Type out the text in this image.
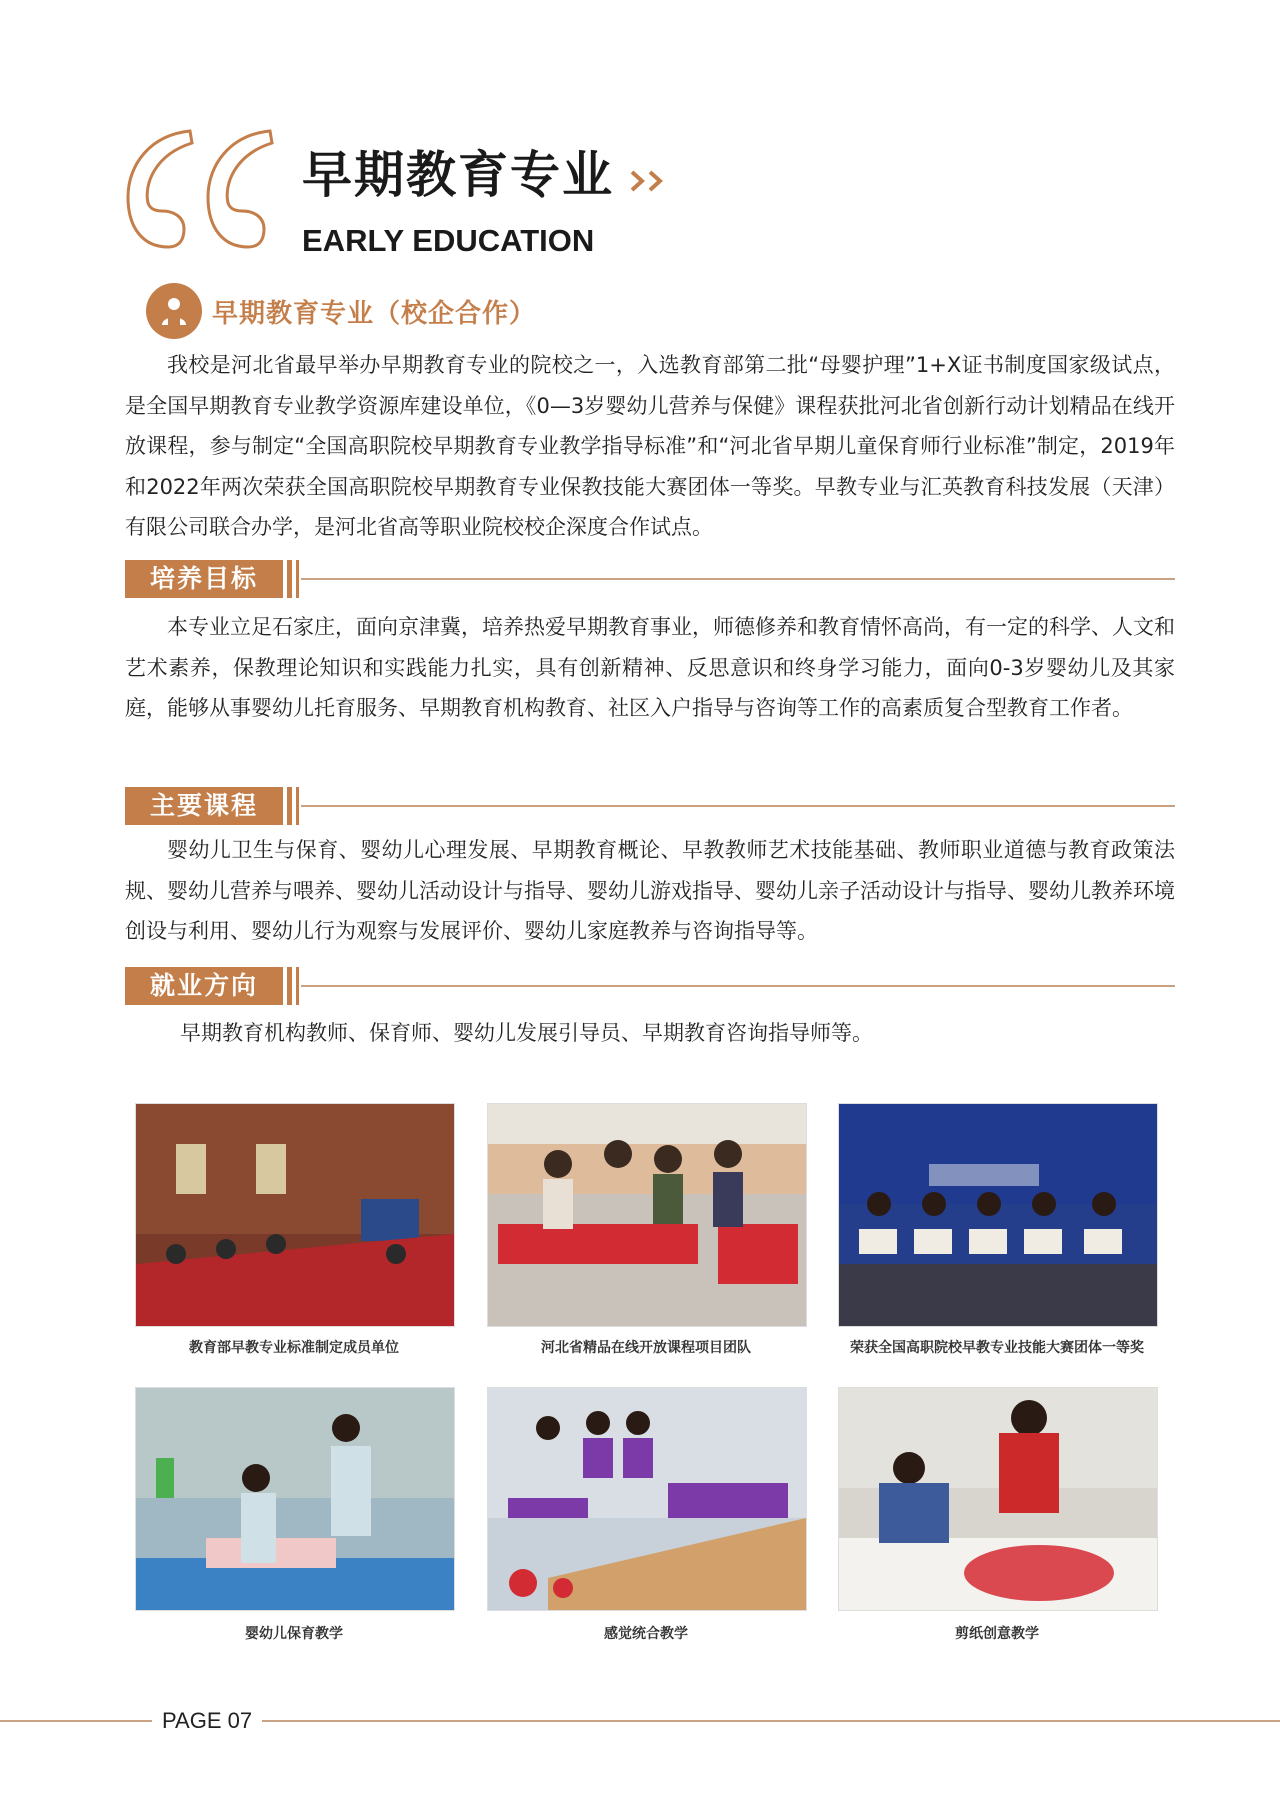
早期教育专业
EARLY EDUCATION
早期教育专业（校企合作）

我校是河北省最早举办早期教育专业的院校之一，入选教育部第二批“母婴护理”1+X证书制度国家级试点，是全国早期教育专业教学资源库建设单位，《0—3岁婴幼儿营养与保健》课程获批河北省创新行动计划精品在线开放课程，参与制定“全国高职院校早期教育专业教学指导标准”和“河北省早期儿童保育师行业标准”制定，2019年和2022年两次荣获全国高职院校早期教育专业保教技能大赛团体一等奖。早教专业与汇英教育科技发展（天津）有限公司联合办学，是河北省高等职业院校校企深度合作试点。

培养目标

本专业立足石家庄，面向京津冀，培养热爱早期教育事业，师德修养和教育情怀高尚，有一定的科学、人文和艺术素养，保教理论知识和实践能力扎实，具有创新精神、反思意识和终身学习能力，面向0-3岁婴幼儿及其家庭，能够从事婴幼儿托育服务、早期教育机构教育、社区入户指导与咨询等工作的高素质复合型教育工作者。

主要课程

婴幼儿卫生与保育、婴幼儿心理发展、早期教育概论、早教教师艺术技能基础、教师职业道德与教育政策法规、婴幼儿营养与喂养、婴幼儿活动设计与指导、婴幼儿游戏指导、婴幼儿亲子活动设计与指导、婴幼儿教养环境创设与利用、婴幼儿行为观察与发展评价、婴幼儿家庭教养与咨询指导等。

就业方向

早期教育机构教师、保育师、婴幼儿发展引导员、早期教育咨询指导师等。

教育部早教专业标准制定成员单位	河北省精品在线开放课程项目团队	荣获全国高职院校早教专业技能大赛团体一等奖
婴幼儿保育教学	感觉统合教学	剪纸创意教学
PAGE 07
